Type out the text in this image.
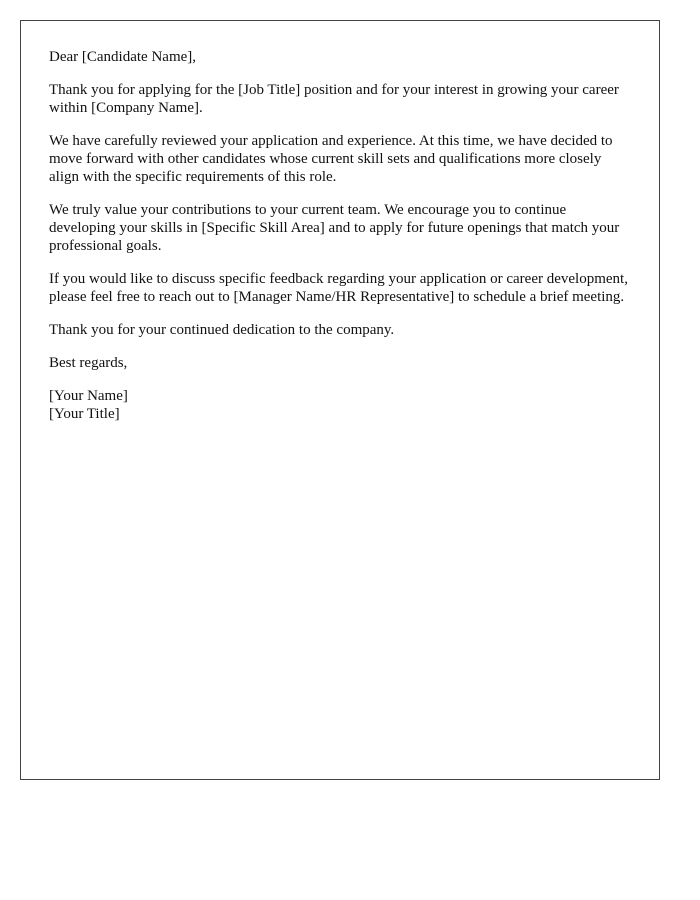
Dear [Candidate Name],

Thank you for applying for the [Job Title] position and for your interest in growing your career within [Company Name].

We have carefully reviewed your application and experience. At this time, we have decided to move forward with other candidates whose current skill sets and qualifications more closely align with the specific requirements of this role.

We truly value your contributions to your current team. We encourage you to continue developing your skills in [Specific Skill Area] and to apply for future openings that match your professional goals.

If you would like to discuss specific feedback regarding your application or career development, please feel free to reach out to [Manager Name/HR Representative] to schedule a brief meeting.

Thank you for your continued dedication to the company.

Best regards,

[Your Name]
[Your Title]
